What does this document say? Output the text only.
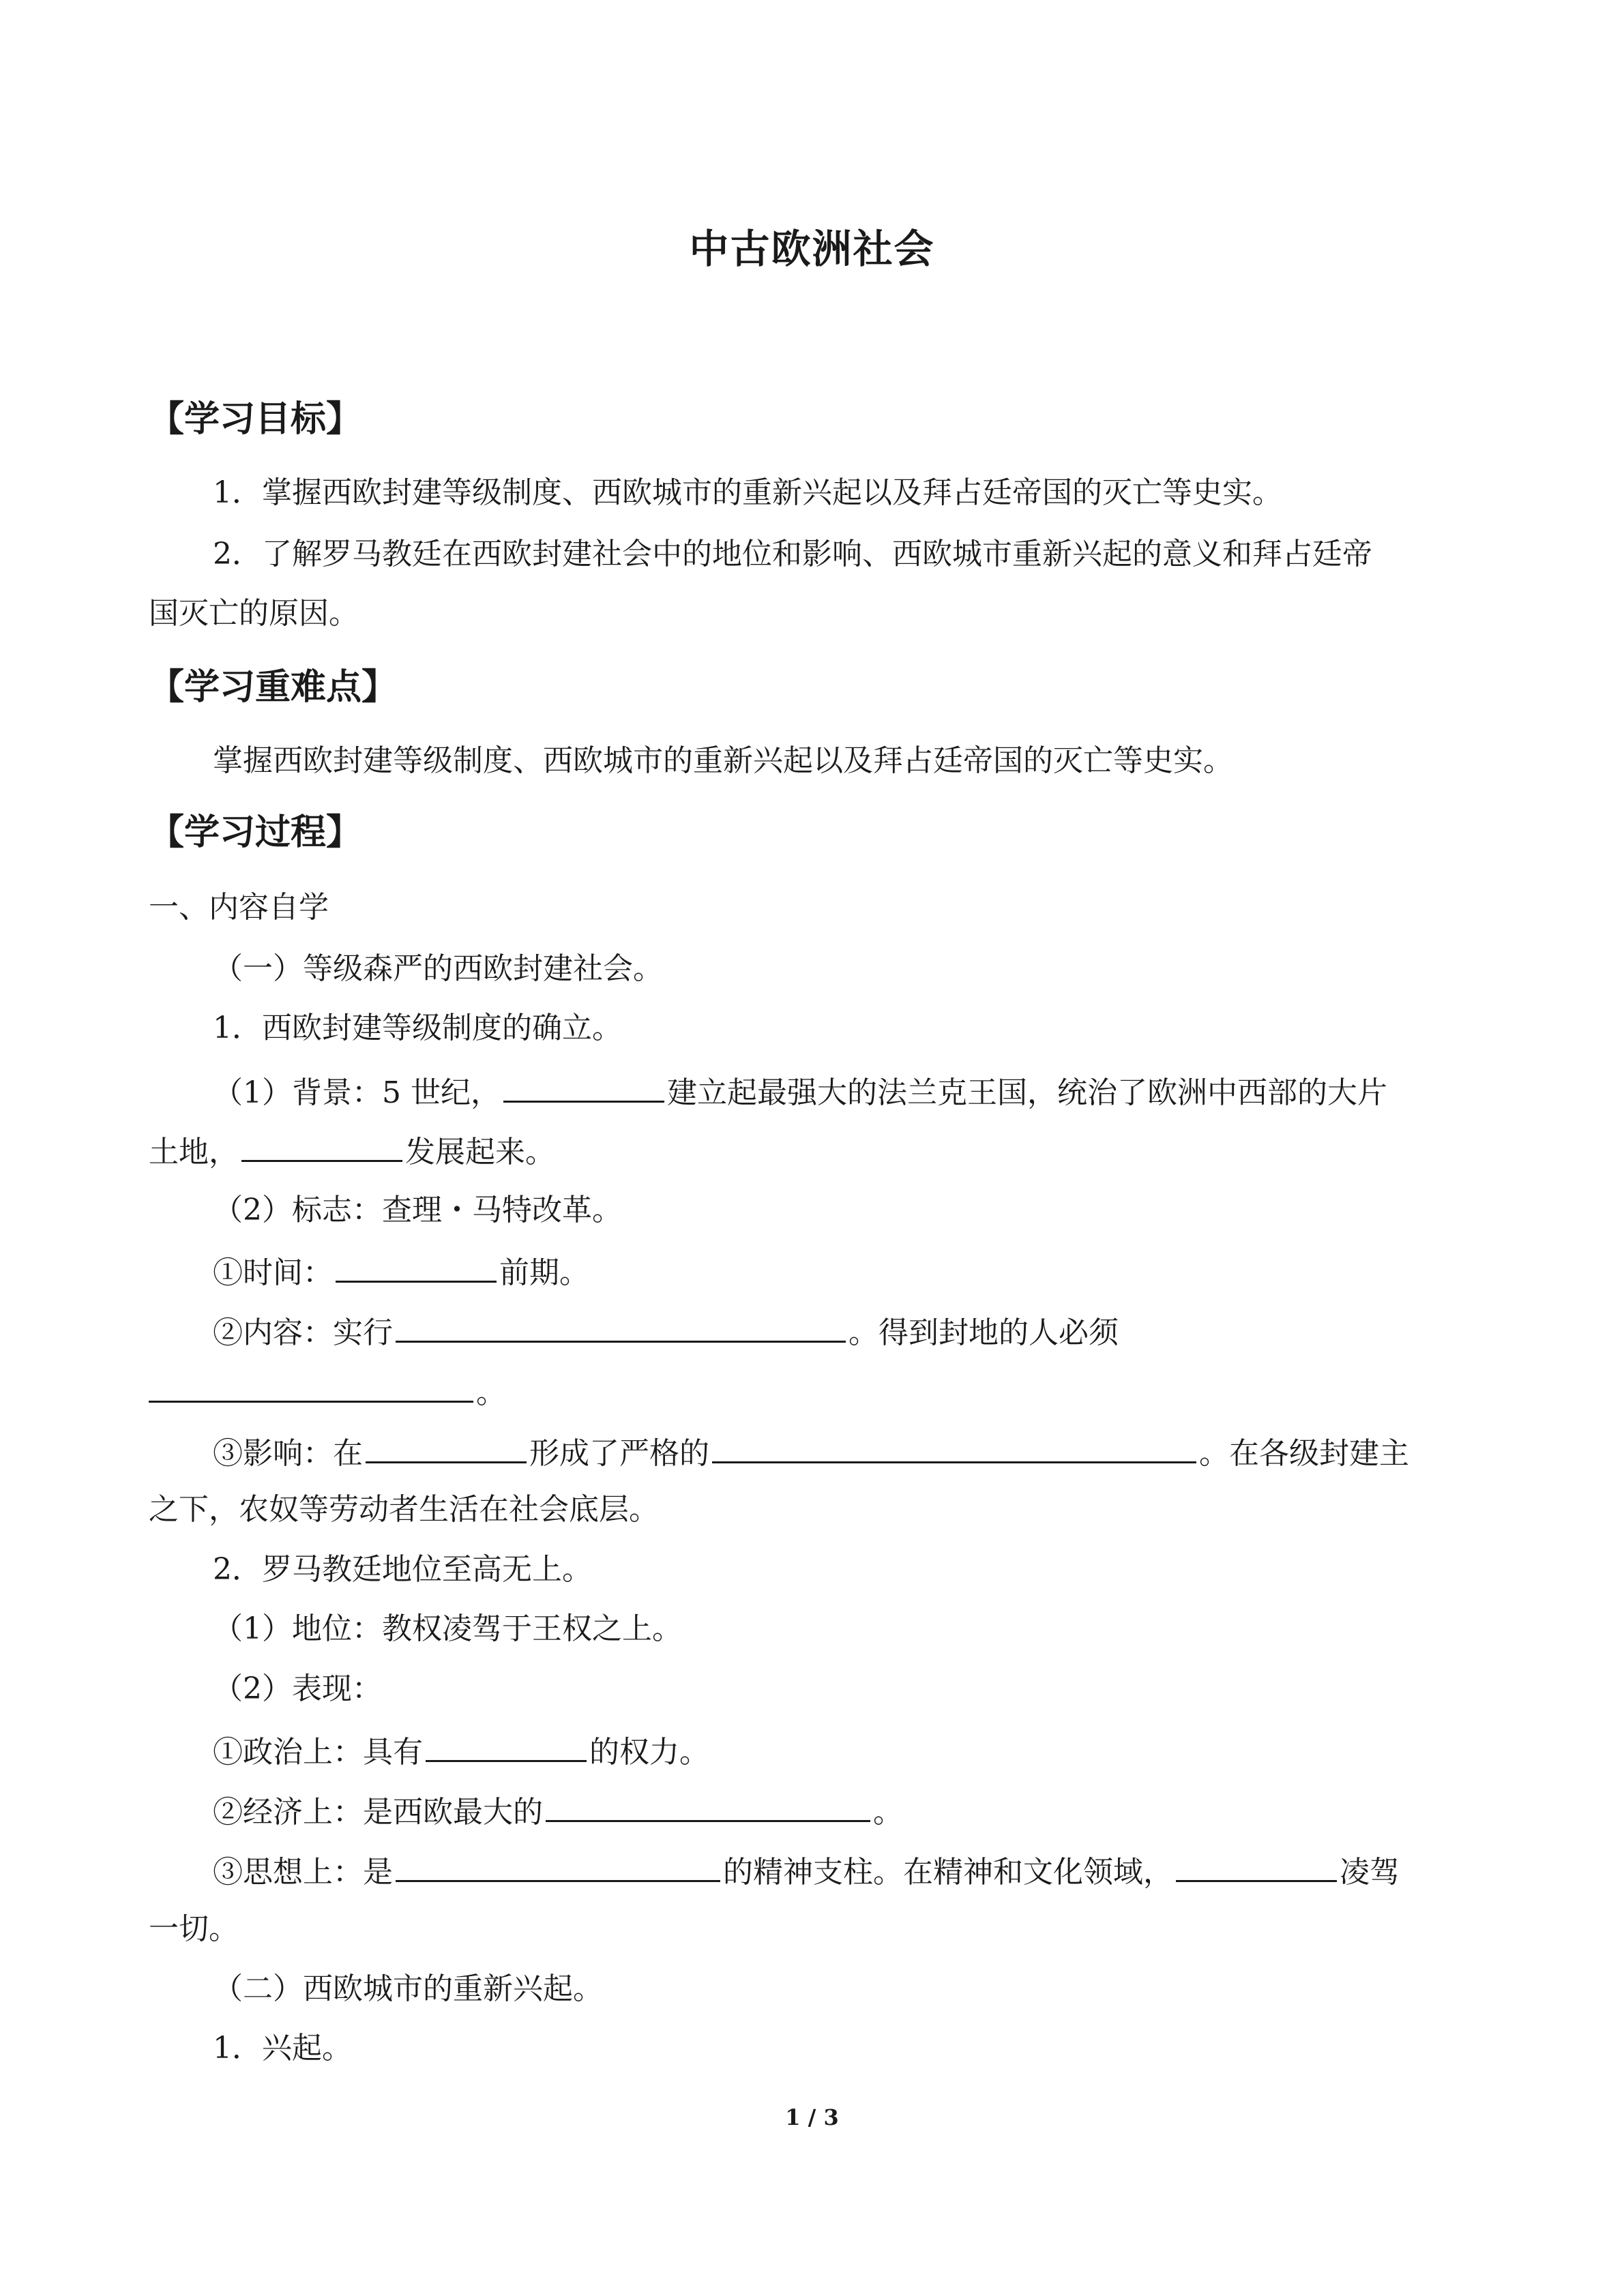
中古欧洲社会
【学习目标】
1．掌握西欧封建等级制度、西欧城市的重新兴起以及拜占廷帝国的灭亡等史实。
2．了解罗马教廷在西欧封建社会中的地位和影响、西欧城市重新兴起的意义和拜占廷帝
国灭亡的原因。
【学习重难点】
掌握西欧封建等级制度、西欧城市的重新兴起以及拜占廷帝国的灭亡等史实。
【学习过程】
一、内容自学
（一）等级森严的西欧封建社会。
1．西欧封建等级制度的确立。
（1）背景：5 世纪，	建立起最强大的法兰克王国，统治了欧洲中西部的大片
土地，	发展起来。
（2）标志：查理・马特改革。
①时间：	前期。
②内容：实行	。得到封地的人必须
。
③影响：在	形成了严格的	。在各级封建主
之下，农奴等劳动者生活在社会底层。
2．罗马教廷地位至高无上。
（1）地位：教权凌驾于王权之上。
（2）表现：
①政治上：具有	的权力。
②经济上：是西欧最大的	。
③思想上：是	的精神支柱。在精神和文化领域，	凌驾
一切。
（二）西欧城市的重新兴起。
1．兴起。
1 / 3
